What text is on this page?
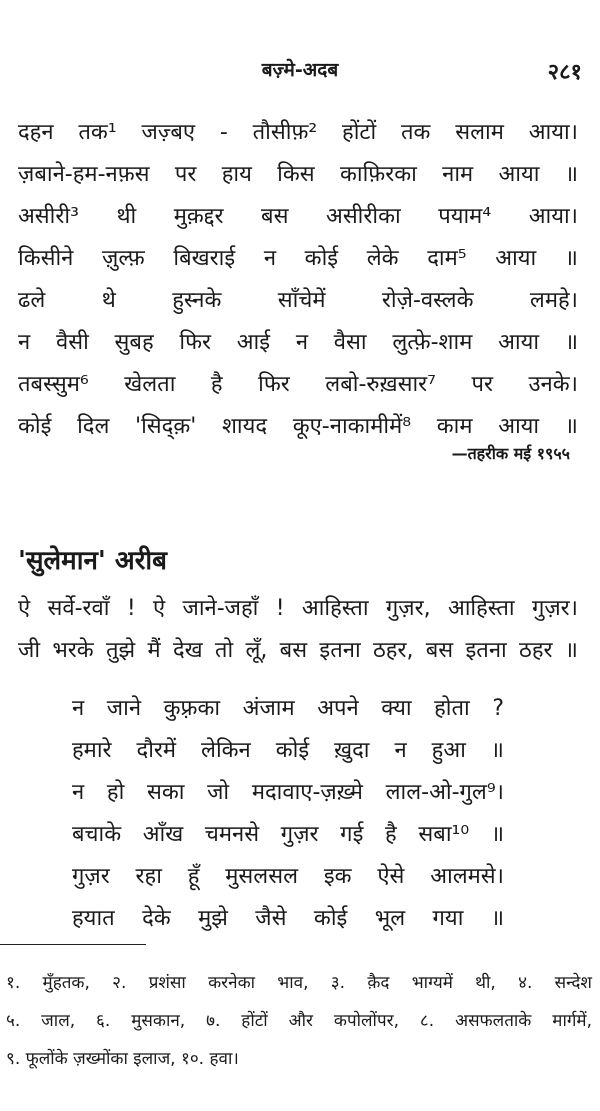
बज़्मे-अदब	२८१
दहन तक¹ जज़्बए - तौसीफ़² होंटों तक सलाम आया।
ज़बाने-हम-नफ़स पर हाय किस काफ़िरका नाम आया ॥
असीरी³ थी मुक़द्दर बस असीरीका पयाम⁴ आया।
किसीने ज़ुल्फ़ बिखराई न कोई लेके दाम⁵ आया ॥
ढले थे हुस्नके साँचेमें रोज़े-वस्लके लमहे।
न वैसी सुबह फिर आई न वैसा लुत्फ़े-शाम आया ॥
तबस्सुम⁶ खेलता है फिर लबो-रुख़सार⁷ पर उनके।
कोई दिल 'सिद्क़' शायद कूए-नाकामीमें⁸ काम आया ॥
—तहरीक मई १९५५
'सुलेमान' अरीब
ऐ सर्वे-रवाँ ! ऐ जाने-जहाँ ! आहिस्ता गुज़र, आहिस्ता गुज़र।
जी भरके तुझे मैं देख तो लूँ, बस इतना ठहर, बस इतना ठहर ॥
न जाने कुफ़्रका अंजाम अपने क्या होता ?
हमारे दौरमें लेकिन कोई ख़ुदा न हुआ ॥
न हो सका जो मदावाए-ज़ख़्मे लाल-ओ-गुल⁹।
बचाके आँख चमनसे गुज़र गई है सबा¹⁰ ॥
गुज़र रहा हूँ मुसलसल इक ऐसे आलमसे।
हयात देके मुझे जैसे कोई भूल गया ॥
१. मुँहतक, २. प्रशंसा करनेका भाव, ३. क़ैद भाग्यमें थी, ४. सन्देश
५. जाल, ६. मुसकान, ७. होंटों और कपोलोंपर, ८. असफलताके मार्गमें,
९. फूलोंके ज़ख्मोंका इलाज, १०. हवा।
